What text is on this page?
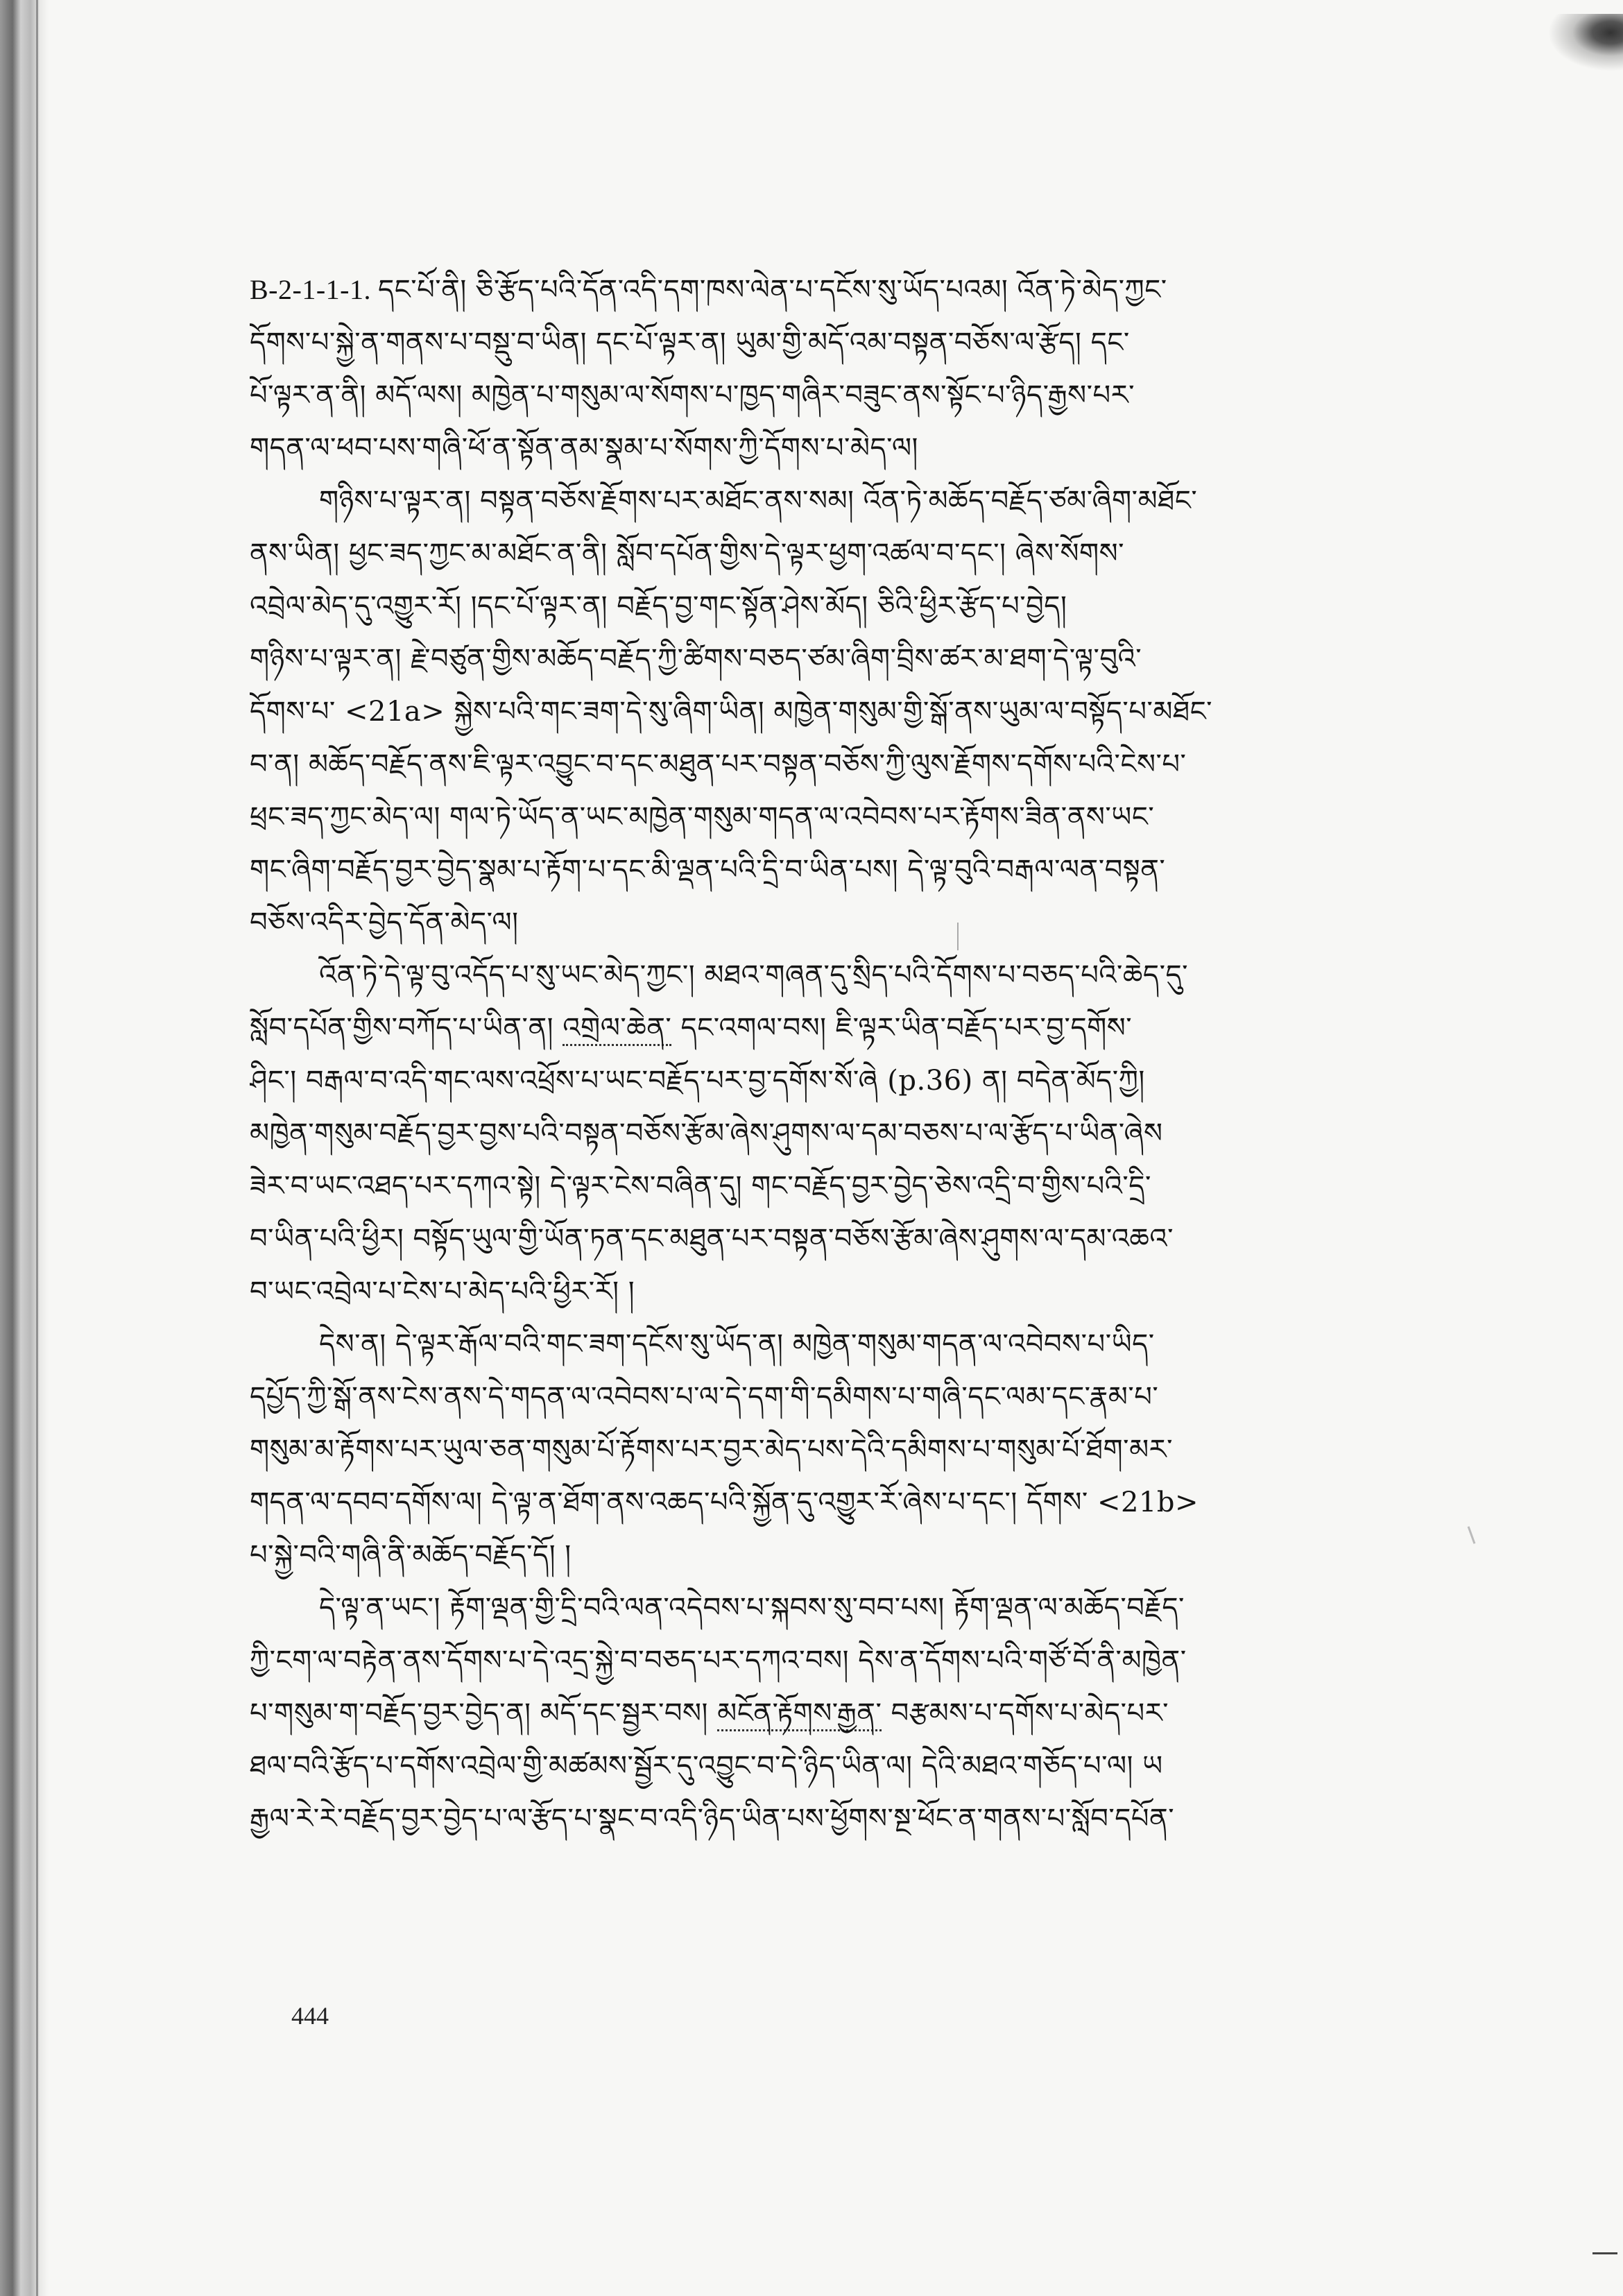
B-2-1-1-1. དང་པོ་ནི། ཅི་རྩོད་པའི་དོན་འདི་དག་ཁས་ལེན་པ་དངོས་སུ་ཡོད་པའམ། འོན་ཏེ་མེད་ཀྱང་
དོགས་པ་སྐྱེ་ན་གནས་པ་བསྡུ་བ་ཡིན། དང་པོ་ལྟར་ན། ཡུམ་གྱི་མདོ་འམ་བསྟན་བཅོས་ལ་རྩོད། དང་
པོ་ལྟར་ན་ནི། མདོ་ལས། མཁྱེན་པ་གསུམ་ལ་སོགས་པ་ཁྱད་གཞིར་བཟུང་ནས་སྟོང་པ་ཉིད་རྒྱས་པར་
གདན་ལ་ཕབ་པས་གཞི་ཕོ་ན་སྟོན་ནམ་སྣམ་པ་སོགས་ཀྱི་དོགས་པ་མེད་ལ།
གཉིས་པ་ལྟར་ན། བསྟན་བཅོས་རྗོགས་པར་མཐོང་ནས་སམ། འོན་ཏེ་མཆོད་བརྗོད་ཙམ་ཞིག་མཐོང་
ནས་ཡིན། ཕྱང་ཟད་ཀྱང་མ་མཐོང་ན་ནི། སློབ་དཔོན་གྱིས་དེ་ལྟར་ཕྱག་འཚལ་བ་དང་། ཞེས་སོགས་
འབྲེལ་མེད་དུ་འགྱུར་རོ། །དང་པོ་ལྟར་ན། བརྗོད་བྱ་གང་སྟོན་ཤེས་མོད། ཅིའི་ཕྱིར་རྩོད་པ་བྱེད།
གཉིས་པ་ལྟར་ན། རྗེ་བཙུན་གྱིས་མཆོད་བརྗོད་ཀྱི་ཚིགས་བཅད་ཙམ་ཞིག་བྲིས་ཚར་མ་ཐག་དེ་ལྟ་བུའི་
དོགས་པ་ <21a> སྐྱེས་པའི་གང་ཟག་དེ་སུ་ཞིག་ཡིན། མཁྱེན་གསུམ་གྱི་སྒོ་ནས་ཡུམ་ལ་བསྟོད་པ་མཐོང་
བ་ན། མཆོད་བརྗོད་ནས་ཇི་ལྟར་འབྱུང་བ་དང་མཐུན་པར་བསྟན་བཅོས་ཀྱི་ལུས་རྗོགས་དགོས་པའི་ངེས་པ་
ཕྲང་ཟད་ཀྱང་མེད་ལ། གལ་ཏེ་ཡོད་ན་ཡང་མཁྱེན་གསུམ་གདན་ལ་འབེབས་པར་རྟོགས་ཟིན་ནས་ཡང་
གང་ཞིག་བརྗོད་བྱར་བྱེད་སྣམ་པ་རྟོག་པ་དང་མི་ལྡན་པའི་དྲི་བ་ཡིན་པས། དེ་ལྟ་བུའི་བརྒལ་ལན་བསྟན་
བཅོས་འདིར་བྱེད་དོན་མེད་ལ།
འོན་ཏེ་དེ་ལྟ་བུ་འདོད་པ་སུ་ཡང་མེད་ཀྱང་། མཐའ་གཞན་དུ་སྲིད་པའི་དོགས་པ་བཅད་པའི་ཆེད་དུ་
སློབ་དཔོན་གྱིས་བཀོད་པ་ཡིན་ན། འགྲེལ་ཆེན་ དང་འགལ་བས། ཇི་ལྟར་ཡིན་བརྗོད་པར་བྱ་དགོས་
ཤིང་། བརྒལ་བ་འདི་གང་ལས་འཕྲོས་པ་ཡང་བརྗོད་པར་བྱ་དགོས་སོ་ཞེ (p.36) ན། བདེན་མོད་ཀྱི།
མཁྱེན་གསུམ་བརྗོད་བྱར་བྱས་པའི་བསྟན་བཅོས་རྩོམ་ཞེས་ཤུགས་ལ་དམ་བཅས་པ་ལ་རྩོད་པ་ཡིན་ཞེས
ཟེར་བ་ཡང་འཐད་པར་དཀའ་སྟེ། དེ་ལྟར་ངེས་བཞིན་དུ། གང་བརྗོད་བྱར་བྱེད་ཅེས་འདྲི་བ་གྱིས་པའི་དྲི་
བ་ཡིན་པའི་ཕྱིར། བསྟོད་ཡུལ་གྱི་ཡོན་ཏན་དང་མཐུན་པར་བསྟན་བཅོས་རྩོམ་ཞེས་ཤུགས་ལ་དམ་འཆའ་
བ་ཡང་འབྲེལ་པ་ངེས་པ་མེད་པའི་ཕྱིར་རོ། །
དེས་ན། དེ་ལྟར་རྒོལ་བའི་གང་ཟག་དངོས་སུ་ཡོད་ན། མཁྱེན་གསུམ་གདན་ལ་འབེབས་པ་ཡིད་
དཔྱོད་ཀྱི་སྒོ་ནས་ངེས་ནས་དེ་གདན་ལ་འབེབས་པ་ལ་དེ་དག་གི་དམིགས་པ་གཞི་དང་ལམ་དང་རྣམ་པ་
གསུམ་མ་རྟོགས་པར་ཡུལ་ཅན་གསུམ་པོ་རྟོགས་པར་བྱར་མེད་པས་དེའི་དམིགས་པ་གསུམ་པོ་ཐོག་མར་
གདན་ལ་དབབ་དགོས་ལ། དེ་ལྟ་ན་ཐོག་ནས་འཆད་པའི་སྐྱོན་དུ་འགྱུར་རོ་ཞེས་པ་དང་། དོགས་ <21b>
པ་སྐྱེ་བའི་གཞི་ནི་མཆོད་བརྗོད་དོ། །
དེ་ལྟ་ན་ཡང་། རྟོག་ལྡན་གྱི་དྲི་བའི་ལན་འདེབས་པ་སྐབས་སུ་བབ་པས། རྟོག་ལྡན་ལ་མཆོད་བརྗོད་
ཀྱི་ངག་ལ་བརྟེན་ནས་དོགས་པ་དེ་འདྲ་སྐྱེ་བ་བཅད་པར་དཀའ་བས། དེས་ན་དོགས་པའི་གཙོ་བོ་ནི་མཁྱེན་
པ་གསུམ་ག་བརྗོད་བྱར་བྱེད་ན། མདོ་དང་སྦྱར་བས། མངོན་རྟོགས་རྒྱན་ བརྩམས་པ་དགོས་པ་མེད་པར་
ཐལ་བའི་རྩོད་པ་དགོས་འབྲེལ་གྱི་མཚམས་སྦྱོར་དུ་འབྱུང་བ་དེ་ཉིད་ཡིན་ལ། དེའི་མཐའ་གཅོད་པ་ལ། ཡ
རྒྱལ་རེ་རེ་བརྗོད་བྱར་བྱེད་པ་ལ་རྩོད་པ་སྣང་བ་འདི་ཉིད་ཡིན་པས་ཕྱོགས་སྔ་ཕོང་ན་གནས་པ་སློབ་དཔོན་
444
